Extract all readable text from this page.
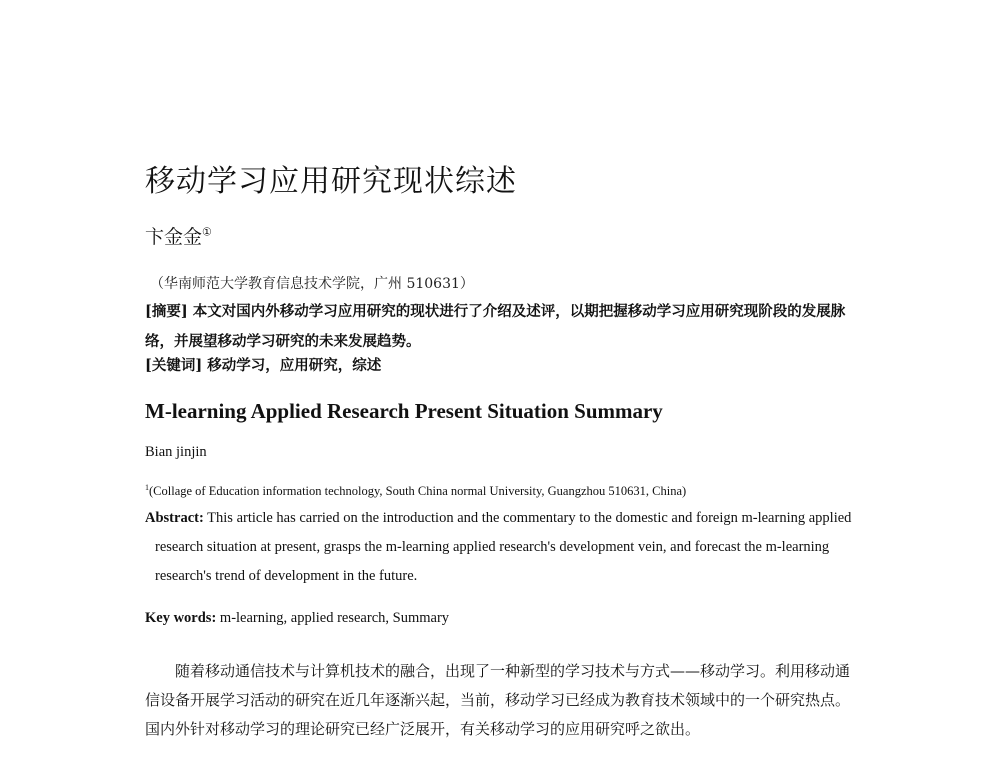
移动学习应用研究现状综述
卞金金①
（华南师范大学教育信息技术学院，广州 510631）
[摘要] 本文对国内外移动学习应用研究的现状进行了介绍及述评，以期把握移动学习应用研究现阶段的发展脉络，并展望移动学习研究的未来发展趋势。
[关键词] 移动学习，应用研究，综述
M-learning Applied Research Present Situation Summary
Bian jinjin
$^1$(Collage of Education information technology, South China normal University, Guangzhou 510631, China)
Abstract: This article has carried on the introduction and the commentary to the domestic and foreign m-learning applied research situation at present, grasps the m-learning applied research's development vein, and forecast the m-learning research's trend of development in the future.
Key words: m-learning, applied research, Summary
随着移动通信技术与计算机技术的融合，出现了一种新型的学习技术与方式——移动学习。利用移动通信设备开展学习活动的研究在近几年逐渐兴起，当前，移动学习已经成为教育技术领域中的一个研究热点。国内外针对移动学习的理论研究已经广泛展开，有关移动学习的应用研究呼之欲出。
